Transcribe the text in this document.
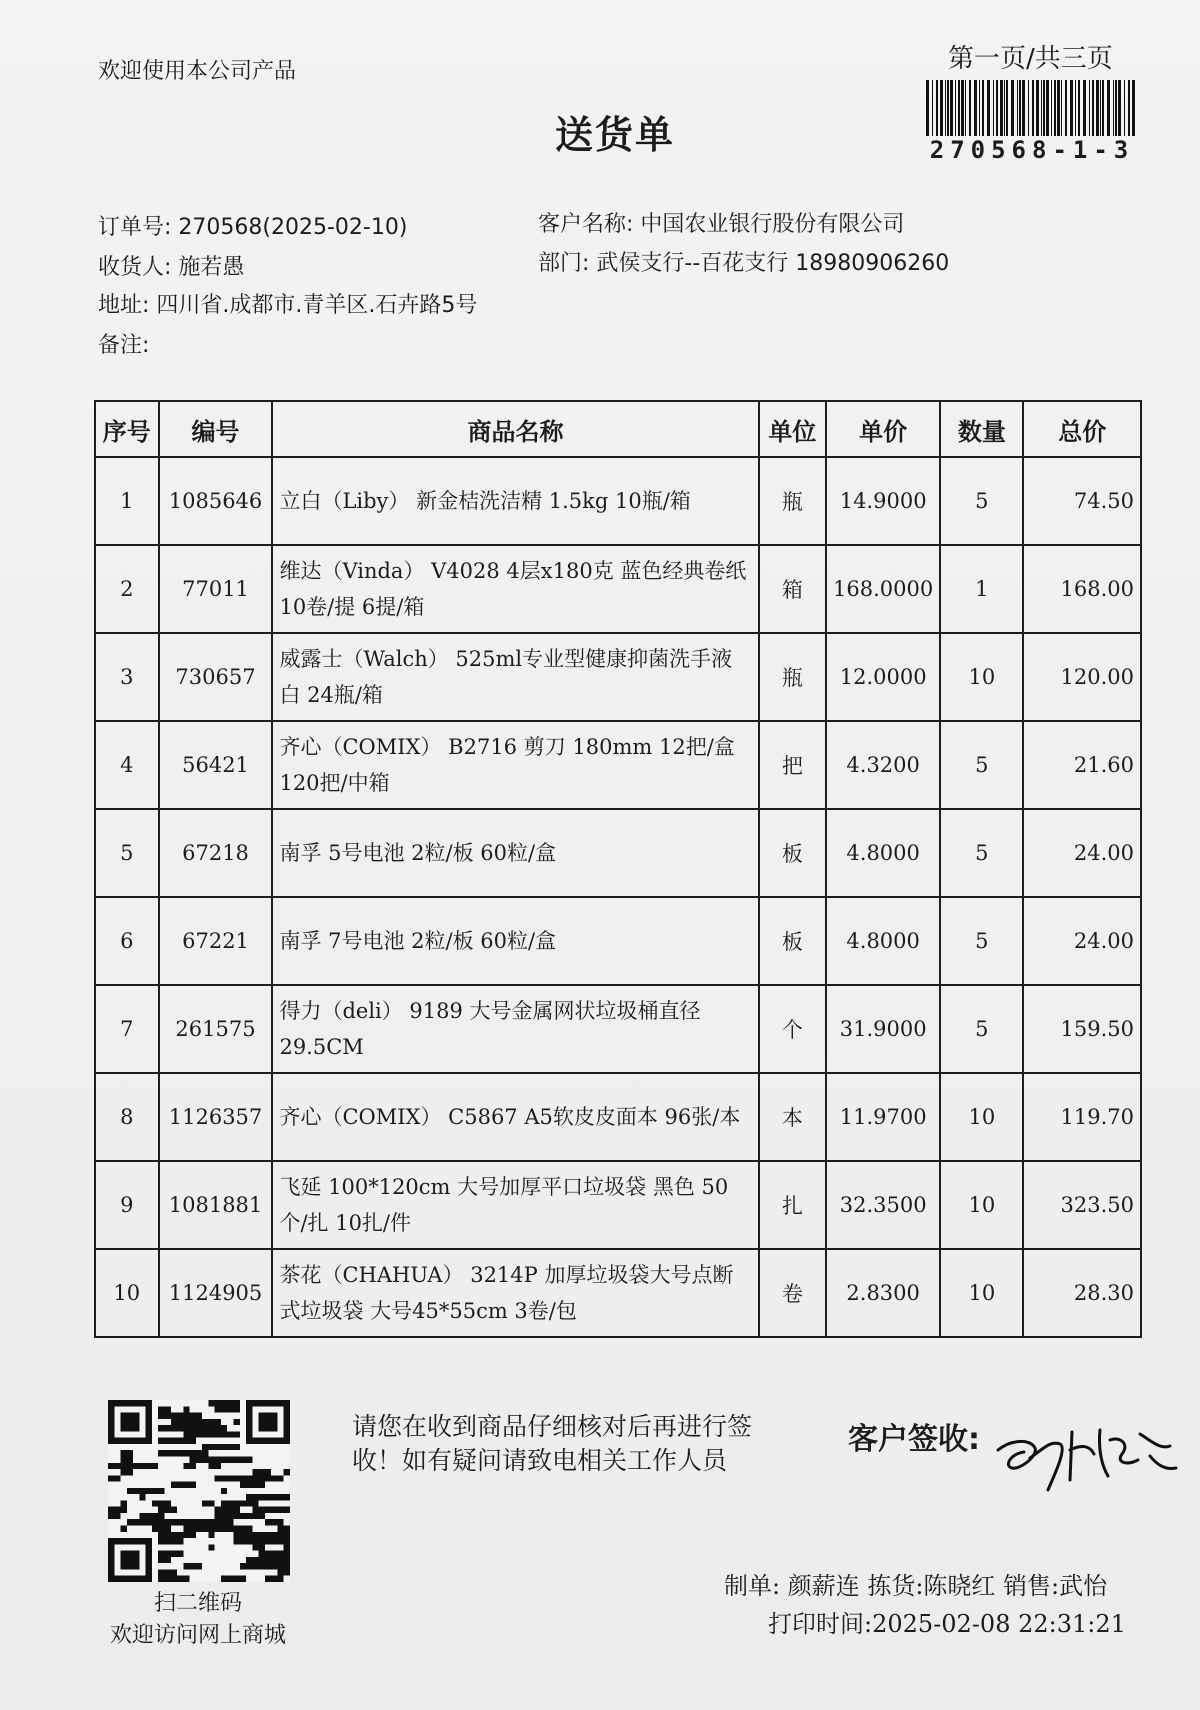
欢迎使用本公司产品
送货单
第一页/共三页
270568-1-3
订单号: 270568(2025-02-10)	客户名称: 中国农业银行股份有限公司
收货人: 施若愚	部门: 武侯支行--百花支行 18980906260
地址: 四川省.成都市.青羊区.石卉路5号
备注:
序号	编号	商品名称	单位	单价	数量	总价
1	1085646	立白（Liby） 新金桔洗洁精 1.5kg 10瓶/箱	瓶	14.9000	5	74.50
2	77011	维达（Vinda） V4028 4层x180克 蓝色经典卷纸 10卷/提 6提/箱	箱	168.0000	1	168.00
3	730657	威露士（Walch） 525ml专业型健康抑菌洗手液白 24瓶/箱	瓶	12.0000	10	120.00
4	56421	齐心（COMIX） B2716 剪刀 180mm 12把/盒 120把/中箱	把	4.3200	5	21.60
5	67218	南孚 5号电池 2粒/板 60粒/盒	板	4.8000	5	24.00
6	67221	南孚 7号电池 2粒/板 60粒/盒	板	4.8000	5	24.00
7	261575	得力（deli） 9189 大号金属网状垃圾桶直径29.5CM	个	31.9000	5	159.50
8	1126357	齐心（COMIX） C5867 A5软皮皮面本 96张/本	本	11.9700	10	119.70
9	1081881	飞延 100*120cm 大号加厚平口垃圾袋 黑色 50个/扎 10扎/件	扎	32.3500	10	323.50
10	1124905	茶花（CHAHUA） 3214P 加厚垃圾袋大号点断式垃圾袋 大号45*55cm 3卷/包	卷	2.8300	10	28.30
扫二维码
欢迎访问网上商城
请您在收到商品仔细核对后再进行签收！如有疑问请致电相关工作人员
客户签收:
制单: 颜薪连 拣货:陈晓红 销售:武怡
打印时间:2025-02-08 22:31:21
